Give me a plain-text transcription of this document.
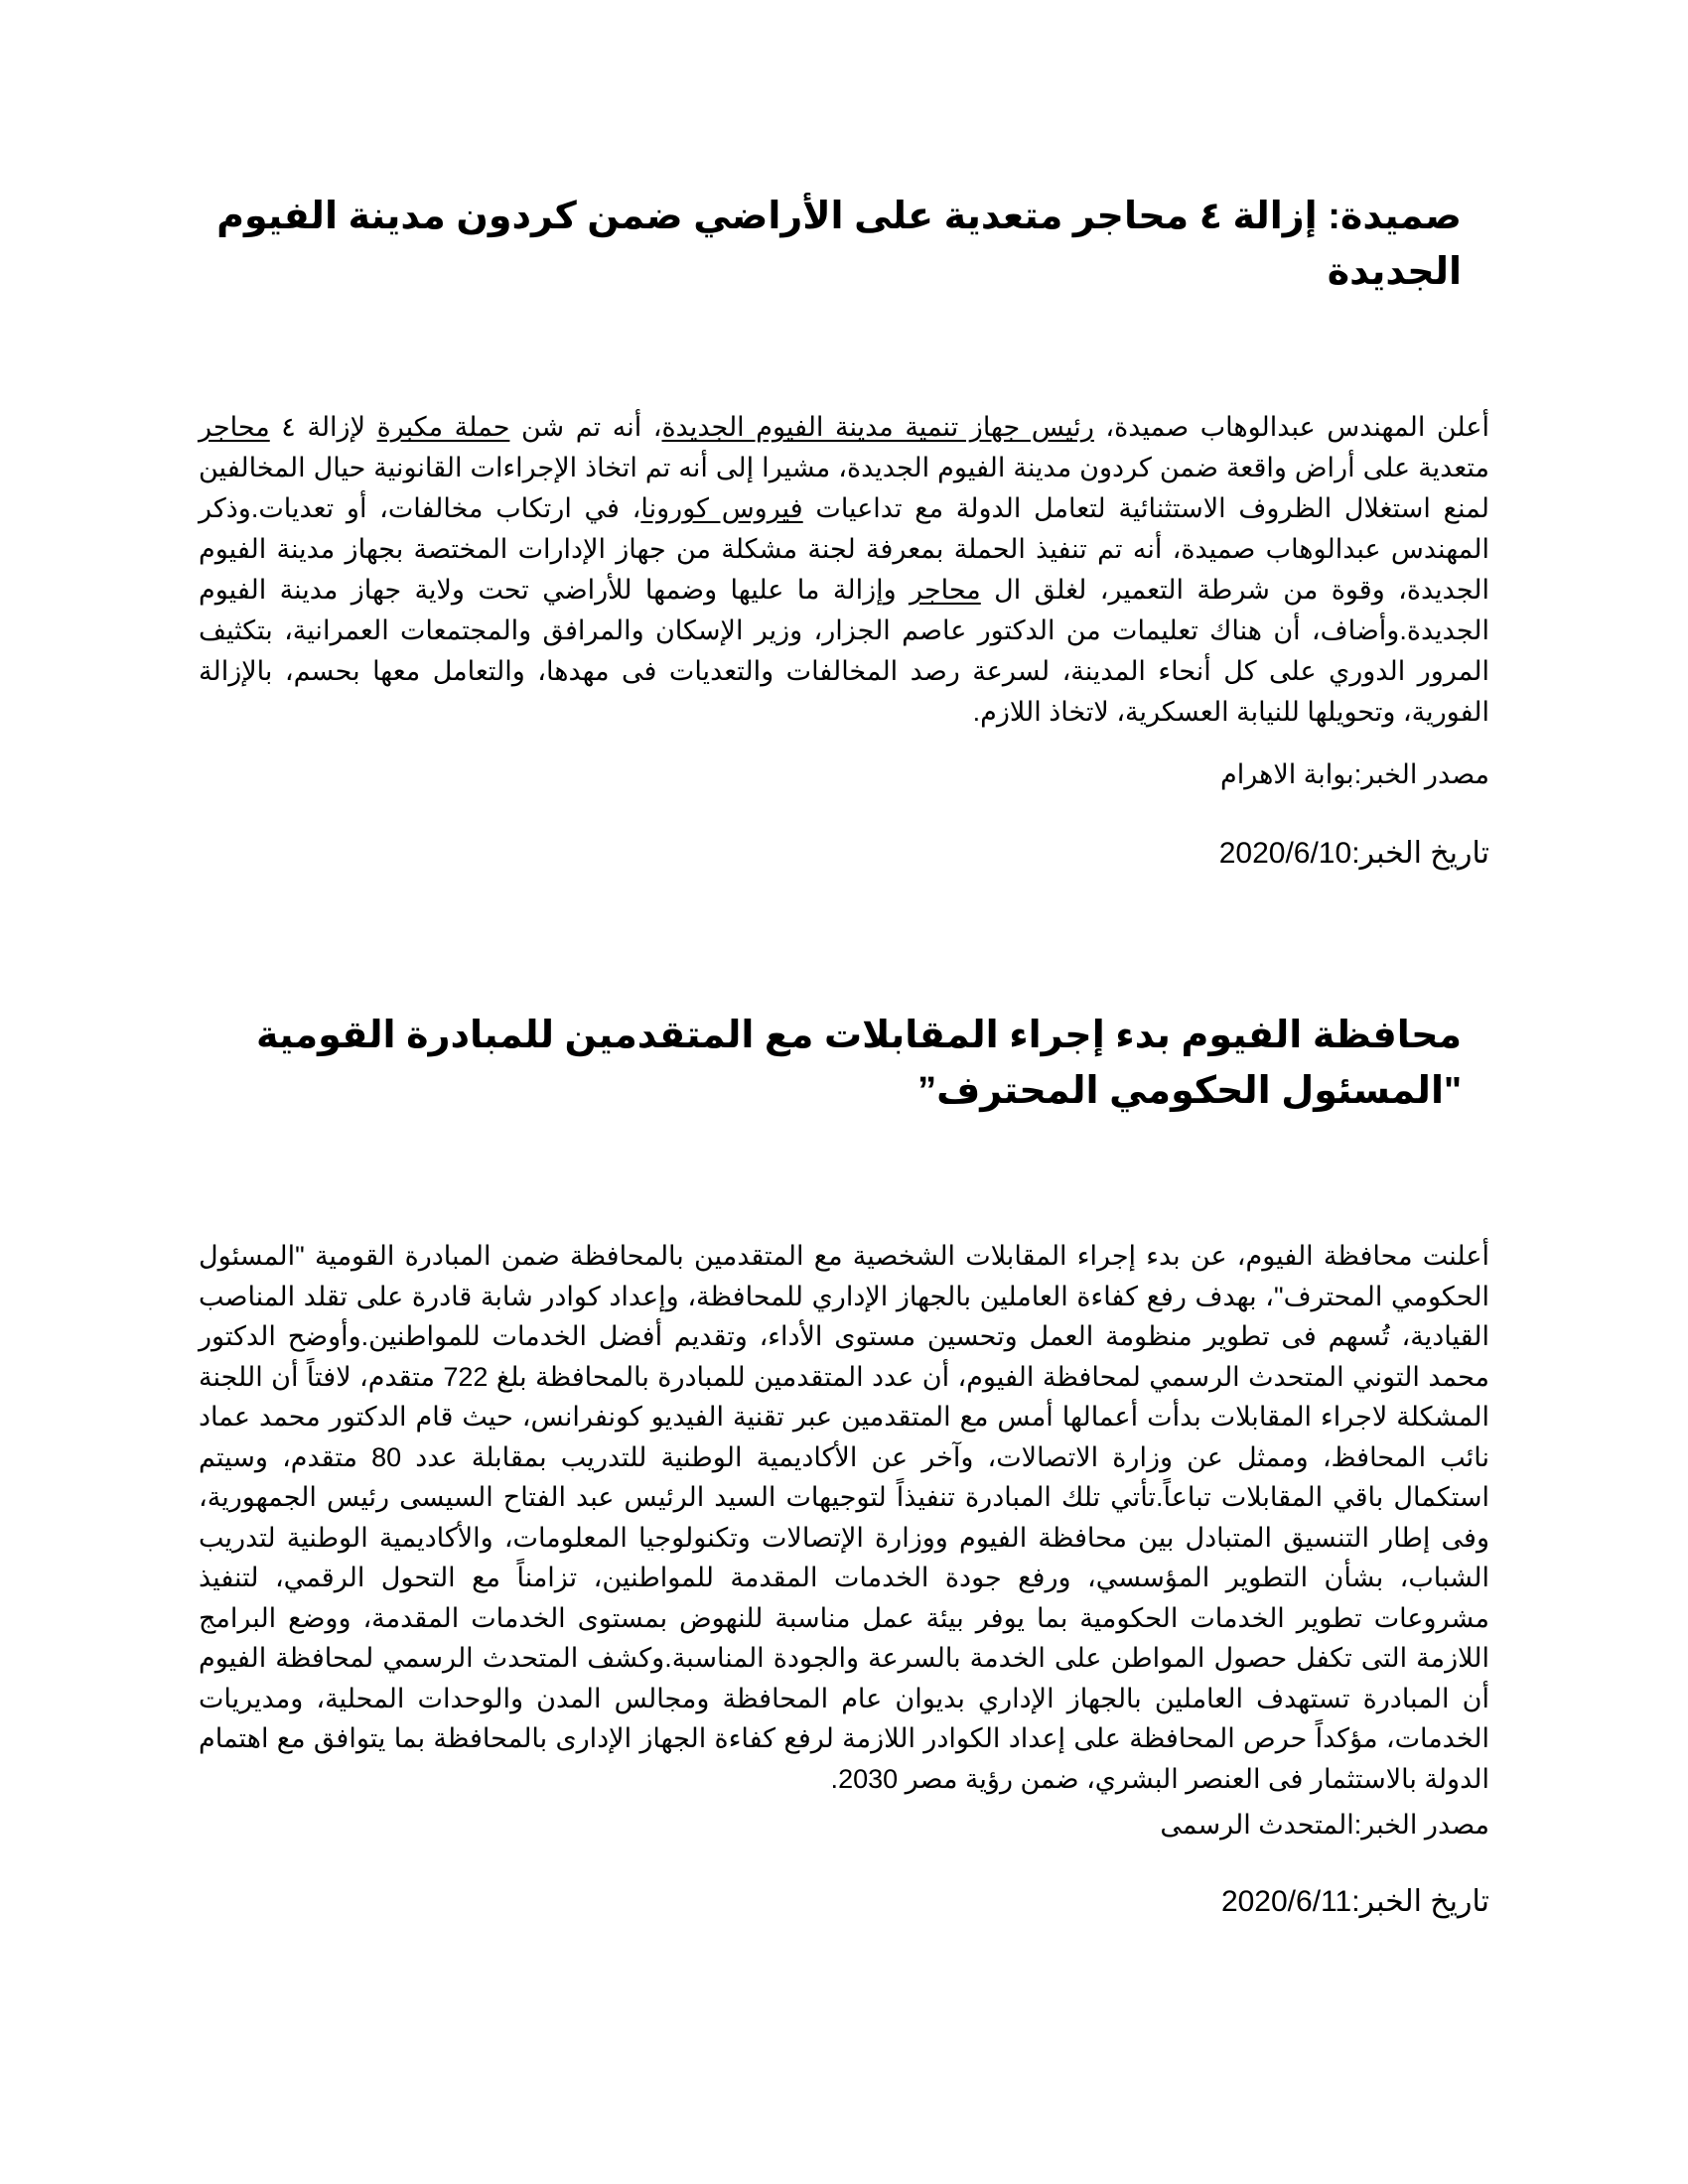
صميدة: إزالة ٤ محاجر متعدية على الأراضي ضمن كردون مدينة الفيوم الجديدة

أعلن المهندس عبدالوهاب صميدة، رئيس جهاز تنمية مدينة الفيوم الجديدة، أنه تم شن حملة مكبرة لإزالة ٤ محاجر متعدية على أراض واقعة ضمن كردون مدينة الفيوم الجديدة، مشيرا إلى أنه تم اتخاذ الإجراءات القانونية حيال المخالفين لمنع استغلال الظروف الاستثنائية لتعامل الدولة مع تداعيات فيروس كورونا، في ارتكاب مخالفات، أو تعديات.وذكر المهندس عبدالوهاب صميدة، أنه تم تنفيذ الحملة بمعرفة لجنة مشكلة من جهاز الإدارات المختصة بجهاز مدينة الفيوم الجديدة، وقوة من شرطة التعمير، لغلق ال محاجر وإزالة ما عليها وضمها للأراضي تحت ولاية جهاز مدينة الفيوم الجديدة.وأضاف، أن هناك تعليمات من الدكتور عاصم الجزار، وزير الإسكان والمرافق والمجتمعات العمرانية، بتكثيف المرور الدوري على كل أنحاء المدينة، لسرعة رصد المخالفات والتعديات فى مهدها، والتعامل معها بحسم، بالإزالة الفورية، وتحويلها للنيابة العسكرية، لاتخاذ اللازم.

مصدر الخبر:بوابة الاهرام

تاريخ الخبر:2020/6/10

محافظة الفيوم بدء إجراء المقابلات مع المتقدمين للمبادرة القومية "المسئول الحكومي المحترف”

أعلنت محافظة الفيوم، عن بدء إجراء المقابلات الشخصية مع المتقدمين بالمحافظة ضمن المبادرة القومية "المسئول الحكومي المحترف"، بهدف رفع كفاءة العاملين بالجهاز الإداري للمحافظة، وإعداد كوادر شابة قادرة على تقلد المناصب القيادية، تُسهم فى تطوير منظومة العمل وتحسين مستوى الأداء، وتقديم أفضل الخدمات للمواطنين.وأوضح الدكتور محمد التوني المتحدث الرسمي لمحافظة الفيوم، أن عدد المتقدمين للمبادرة بالمحافظة بلغ 722 متقدم، لافتاً أن اللجنة المشكلة لاجراء المقابلات بدأت أعمالها أمس مع المتقدمين عبر تقنية الفيديو كونفرانس، حيث قام الدكتور محمد عماد نائب المحافظ، وممثل عن وزارة الاتصالات، وآخر عن الأكاديمية الوطنية للتدريب بمقابلة عدد 80 متقدم، وسيتم استكمال باقي المقابلات تباعاً.تأتي تلك المبادرة تنفيذاً لتوجيهات السيد الرئيس عبد الفتاح السيسى رئيس الجمهورية، وفى إطار التنسيق المتبادل بين محافظة الفيوم ووزارة الإتصالات وتكنولوجيا المعلومات، والأكاديمية الوطنية لتدريب الشباب، بشأن التطوير المؤسسي، ورفع جودة الخدمات المقدمة للمواطنين، تزامناً مع التحول الرقمي، لتنفيذ مشروعات تطوير الخدمات الحكومية بما يوفر بيئة عمل مناسبة للنهوض بمستوى الخدمات المقدمة، ووضع البرامج اللازمة التى تكفل حصول المواطن على الخدمة بالسرعة والجودة المناسبة.وكشف المتحدث الرسمي لمحافظة الفيوم أن المبادرة تستهدف العاملين بالجهاز الإداري بديوان عام المحافظة ومجالس المدن والوحدات المحلية، ومديريات الخدمات، مؤكداً حرص المحافظة على إعداد الكوادر اللازمة لرفع كفاءة الجهاز الإدارى بالمحافظة بما يتوافق مع اهتمام الدولة بالاستثمار فى العنصر البشري، ضمن رؤية مصر 2030.

مصدر الخبر:المتحدث الرسمى

تاريخ الخبر:2020/6/11
